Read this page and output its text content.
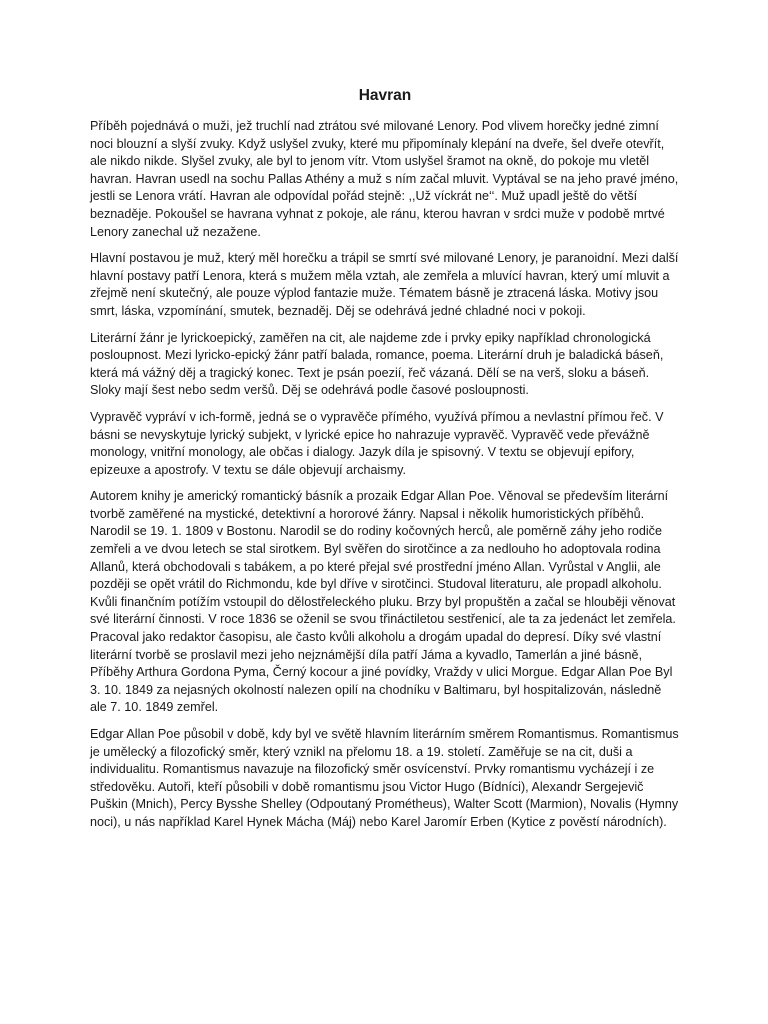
Havran

Příběh pojednává o muži, jež truchlí nad ztrátou své milované Lenory. Pod vlivem horečky jedné zimní noci blouzní a slyší zvuky. Když uslyšel zvuky, které mu připomínaly klepání na dveře, šel dveře otevřít, ale nikdo nikde. Slyšel zvuky, ale byl to jenom vítr. Vtom uslyšel šramot na okně, do pokoje mu vletěl havran. Havran usedl na sochu Pallas Athény a muž s ním začal mluvit. Vyptával se na jeho pravé jméno, jestli se Lenora vrátí. Havran ale odpovídal pořád stejně: ,,Už víckrát ne‘‘. Muž upadl ještě do větší beznaděje. Pokoušel se havrana vyhnat z pokoje, ale ránu, kterou havran v srdci muže v podobě mrtvé Lenory zanechal už nezažene.

Hlavní postavou je muž, který měl horečku a trápil se smrtí své milované Lenory, je paranoidní. Mezi další hlavní postavy patří Lenora, která s mužem měla vztah, ale zemřela a mluvící havran, který umí mluvit a zřejmě není skutečný, ale pouze výplod fantazie muže. Tématem básně je ztracená láska. Motivy jsou smrt, láska, vzpomínání, smutek, beznaděj. Děj se odehrává jedné chladné noci v pokoji.

Literární žánr je lyrickoepický, zaměřen na cit, ale najdeme zde i prvky epiky například chronologická posloupnost. Mezi lyricko-epický žánr patří balada, romance, poema. Literární druh je baladická báseň, která má vážný děj a tragický konec. Text je psán poezií, řeč vázaná. Dělí se na verš, sloku a báseň. Sloky mají šest nebo sedm veršů. Děj se odehrává podle časové posloupnosti.

Vypravěč vypráví v ich-formě, jedná se o vypravěče přímého, využívá přímou a nevlastní přímou řeč. V básni se nevyskytuje lyrický subjekt, v lyrické epice ho nahrazuje vypravěč. Vypravěč vede převážně monology, vnitřní monology, ale občas i dialogy. Jazyk díla je spisovný. V textu se objevují epifory, epizeuxe a apostrofy. V textu se dále objevují archaismy.

Autorem knihy je americký romantický básník a prozaik Edgar Allan Poe. Věnoval se především literární tvorbě zaměřené na mystické, detektivní a hororové žánry. Napsal i několik humoristických příběhů. Narodil se 19. 1. 1809 v Bostonu. Narodil se do rodiny kočovných herců, ale poměrně záhy jeho rodiče zemřeli a ve dvou letech se stal sirotkem. Byl svěřen do sirotčince a za nedlouho ho adoptovala rodina Allanů, která obchodovali s tabákem, a po které přejal své prostřední jméno Allan. Vyrůstal v Anglii, ale později se opět vrátil do Richmondu, kde byl dříve v sirotčinci. Studoval literaturu, ale propadl alkoholu. Kvůli finančním potížím vstoupil do dělostřeleckého pluku. Brzy byl propuštěn a začal se hlouběji věnovat své literární činnosti. V roce 1836 se oženil se svou třináctiletou sestřenicí, ale ta za jedenáct let zemřela. Pracoval jako redaktor časopisu, ale často kvůli alkoholu a drogám upadal do depresí. Díky své vlastní literární tvorbě se proslavil mezi jeho nejznámější díla patří Jáma a kyvadlo, Tamerlán a jiné básně, Příběhy Arthura Gordona Pyma, Černý kocour a jiné povídky, Vraždy v ulici Morgue. Edgar Allan Poe Byl 3. 10. 1849 za nejasných okolností nalezen opilí na chodníku v Baltimaru, byl hospitalizován, následně ale 7. 10. 1849 zemřel.

Edgar Allan Poe působil v době, kdy byl ve světě hlavním literárním směrem Romantismus. Romantismus je umělecký a filozofický směr, který vznikl na přelomu 18. a 19. století. Zaměřuje se na cit, duši a individualitu. Romantismus navazuje na filozofický směr osvícenství. Prvky romantismu vycházejí i ze středověku. Autoři, kteří působili v době romantismu jsou Victor Hugo (Bídníci), Alexandr Sergejevič Puškin (Mnich), Percy Bysshe Shelley (Odpoutaný Prométheus), Walter Scott (Marmion), Novalis (Hymny noci), u nás například Karel Hynek Mácha (Máj) nebo Karel Jaromír Erben (Kytice z pověstí národních).
